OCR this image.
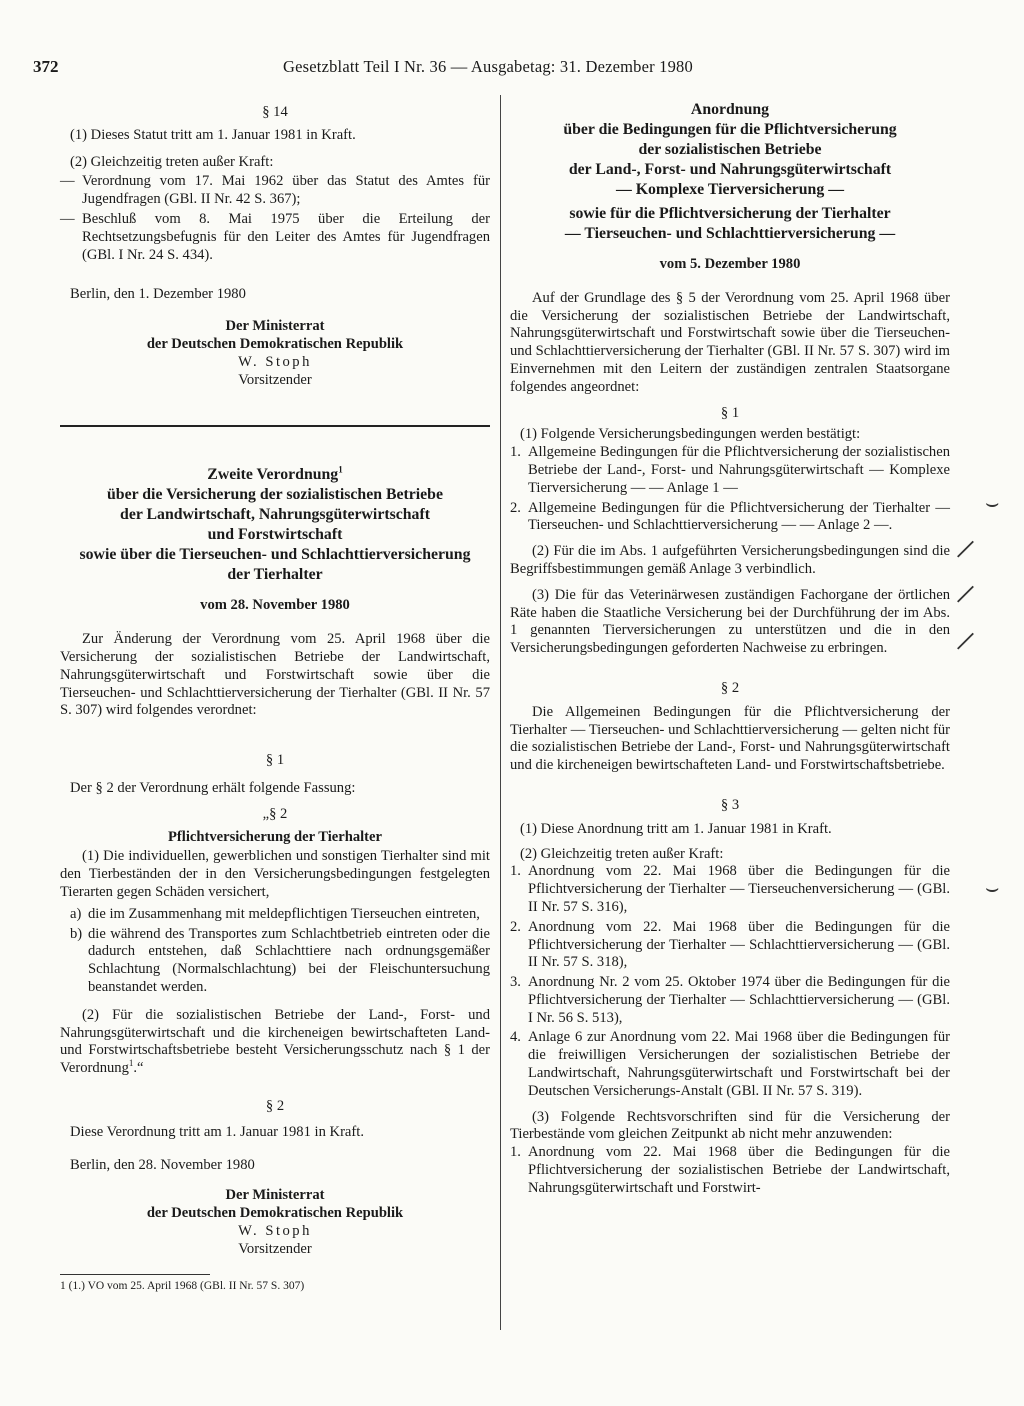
372	Gesetzblatt Teil I Nr. 36 — Ausgabetag: 31. Dezember 1980

§ 14

(1) Dieses Statut tritt am 1. Januar 1981 in Kraft.

(2) Gleichzeitig treten außer Kraft:

— Verordnung vom 17. Mai 1962 über das Statut des Amtes für Jugendfragen (GBl. II Nr. 42 S. 367);
— Beschluß vom 8. Mai 1975 über die Erteilung der Rechtsetzungsbefugnis für den Leiter des Amtes für Jugendfragen (GBl. I Nr. 24 S. 434).

Berlin, den 1. Dezember 1980

Der Ministerrat

der Deutschen Demokratischen Republik

W. Stoph

Vorsitzender

Zweite Verordnung$^1$

über die Versicherung der sozialistischen Betriebe

der Landwirtschaft, Nahrungsgüterwirtschaft

und Forstwirtschaft

sowie über die Tierseuchen- und Schlachttierversicherung

der Tierhalter

vom 28. November 1980

Zur Änderung der Verordnung vom 25. April 1968 über die Versicherung der sozialistischen Betriebe der Landwirtschaft, Nahrungsgüterwirtschaft und Forstwirtschaft sowie über die Tierseuchen- und Schlachttierversicherung der Tierhalter (GBl. II Nr. 57 S. 307) wird folgendes verordnet:

§ 1

Der § 2 der Verordnung erhält folgende Fassung:

„§ 2

Pflichtversicherung der Tierhalter

(1) Die individuellen, gewerblichen und sonstigen Tierhalter sind mit den Tierbeständen der in den Versicherungsbedingungen festgelegten Tierarten gegen Schäden versichert,

a) die im Zusammenhang mit meldepflichtigen Tierseuchen eintreten,
b) die während des Transportes zum Schlachtbetrieb eintreten oder die dadurch entstehen, daß Schlachttiere nach ordnungsgemäßer Schlachtung (Normalschlachtung) bei der Fleischuntersuchung beanstandet werden.

(2) Für die sozialistischen Betriebe der Land-, Forst- und Nahrungsgüterwirtschaft und die kircheneigen bewirtschafteten Land- und Forstwirtschaftsbetriebe besteht Versicherungsschutz nach § 1 der Verordnung$^1$.“

§ 2

Diese Verordnung tritt am 1. Januar 1981 in Kraft.

Berlin, den 28. November 1980

Der Ministerrat

der Deutschen Demokratischen Republik

W. Stoph

Vorsitzender

1 (1.) VO vom 25. April 1968 (GBl. II Nr. 57 S. 307)

Anordnung

über die Bedingungen für die Pflichtversicherung

der sozialistischen Betriebe

der Land-, Forst- und Nahrungsgüterwirtschaft

— Komplexe Tierversicherung —

sowie für die Pflichtversicherung der Tierhalter

— Tierseuchen- und Schlachttierversicherung —

vom 5. Dezember 1980

Auf der Grundlage des § 5 der Verordnung vom 25. April 1968 über die Versicherung der sozialistischen Betriebe der Landwirtschaft, Nahrungsgüterwirtschaft und Forstwirtschaft sowie über die Tierseuchen- und Schlachttierversicherung der Tierhalter (GBl. II Nr. 57 S. 307) wird im Einvernehmen mit den Leitern der zuständigen zentralen Staatsorgane folgendes angeordnet:

§ 1

(1) Folgende Versicherungsbedingungen werden bestätigt:

1. Allgemeine Bedingungen für die Pflichtversicherung der sozialistischen Betriebe der Land-, Forst- und Nahrungsgüterwirtschaft — Komplexe Tierversicherung — — Anlage 1 —
2. Allgemeine Bedingungen für die Pflichtversicherung der Tierhalter — Tierseuchen- und Schlachttierversicherung — — Anlage 2 —.

(2) Für die im Abs. 1 aufgeführten Versicherungsbedingungen sind die Begriffsbestimmungen gemäß Anlage 3 verbindlich.

(3) Die für das Veterinärwesen zuständigen Fachorgane der örtlichen Räte haben die Staatliche Versicherung bei der Durchführung der im Abs. 1 genannten Tierversicherungen zu unterstützen und die in den Versicherungsbedingungen geforderten Nachweise zu erbringen.

§ 2

Die Allgemeinen Bedingungen für die Pflichtversicherung der Tierhalter — Tierseuchen- und Schlachttierversicherung — gelten nicht für die sozialistischen Betriebe der Land-, Forst- und Nahrungsgüterwirtschaft und die kircheneigen bewirtschafteten Land- und Forstwirtschaftsbetriebe.

§ 3

(1) Diese Anordnung tritt am 1. Januar 1981 in Kraft.

(2) Gleichzeitig treten außer Kraft:

1. Anordnung vom 22. Mai 1968 über die Bedingungen für die Pflichtversicherung der Tierhalter — Tierseuchenversicherung — (GBl. II Nr. 57 S. 316),
2. Anordnung vom 22. Mai 1968 über die Bedingungen für die Pflichtversicherung der Tierhalter — Schlachttierversicherung — (GBl. II Nr. 57 S. 318),
3. Anordnung Nr. 2 vom 25. Oktober 1974 über die Bedingungen für die Pflichtversicherung der Tierhalter — Schlachttierversicherung — (GBl. I Nr. 56 S. 513),
4. Anlage 6 zur Anordnung vom 22. Mai 1968 über die Bedingungen für die freiwilligen Versicherungen der sozialistischen Betriebe der Landwirtschaft, Nahrungsgüterwirtschaft und Forstwirtschaft bei der Deutschen Versicherungs-Anstalt (GBl. II Nr. 57 S. 319).

(3) Folgende Rechtsvorschriften sind für die Versicherung der Tierbestände vom gleichen Zeitpunkt ab nicht mehr anzuwenden:

1. Anordnung vom 22. Mai 1968 über die Bedingungen für die Pflichtversicherung der sozialistischen Betriebe der Landwirtschaft, Nahrungsgüterwirtschaft und Forstwirt-
⌣
|
|
|
⌣
